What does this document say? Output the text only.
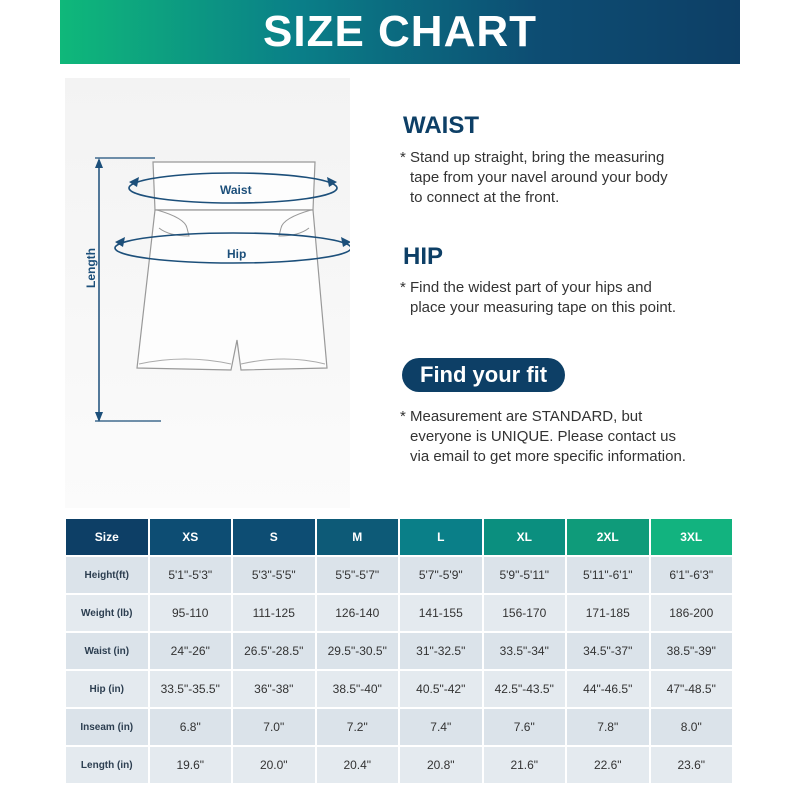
SIZE CHART
Length
Waist
Hip
WAIST
* Stand up straight, bring the measuring
tape from your navel around your body
to connect at the front.
HIP
* Find the widest part of your hips and
place your measuring tape on this point.
Find your fit
* Measurement are STANDARD, but
everyone is UNIQUE. Please contact us
via email to get more specific information.
Size	XS	S	M	L	XL	2XL	3XL
Height(ft)	5'1"-5'3"	5'3"-5'5"	5'5"-5'7"	5'7"-5'9"	5'9"-5'11"	5'11"-6'1"	6'1"-6'3"
Weight (lb)	95-110	111-125	126-140	141-155	156-170	171-185	186-200
Waist (in)	24"-26"	26.5"-28.5"	29.5"-30.5"	31"-32.5"	33.5"-34"	34.5"-37"	38.5"-39"
Hip (in)	33.5"-35.5"	36"-38"	38.5"-40"	40.5"-42"	42.5"-43.5"	44"-46.5"	47"-48.5"
Inseam (in)	6.8"	7.0"	7.2"	7.4"	7.6"	7.8"	8.0"
Length (in)	19.6"	20.0"	20.4"	20.8"	21.6"	22.6"	23.6"
